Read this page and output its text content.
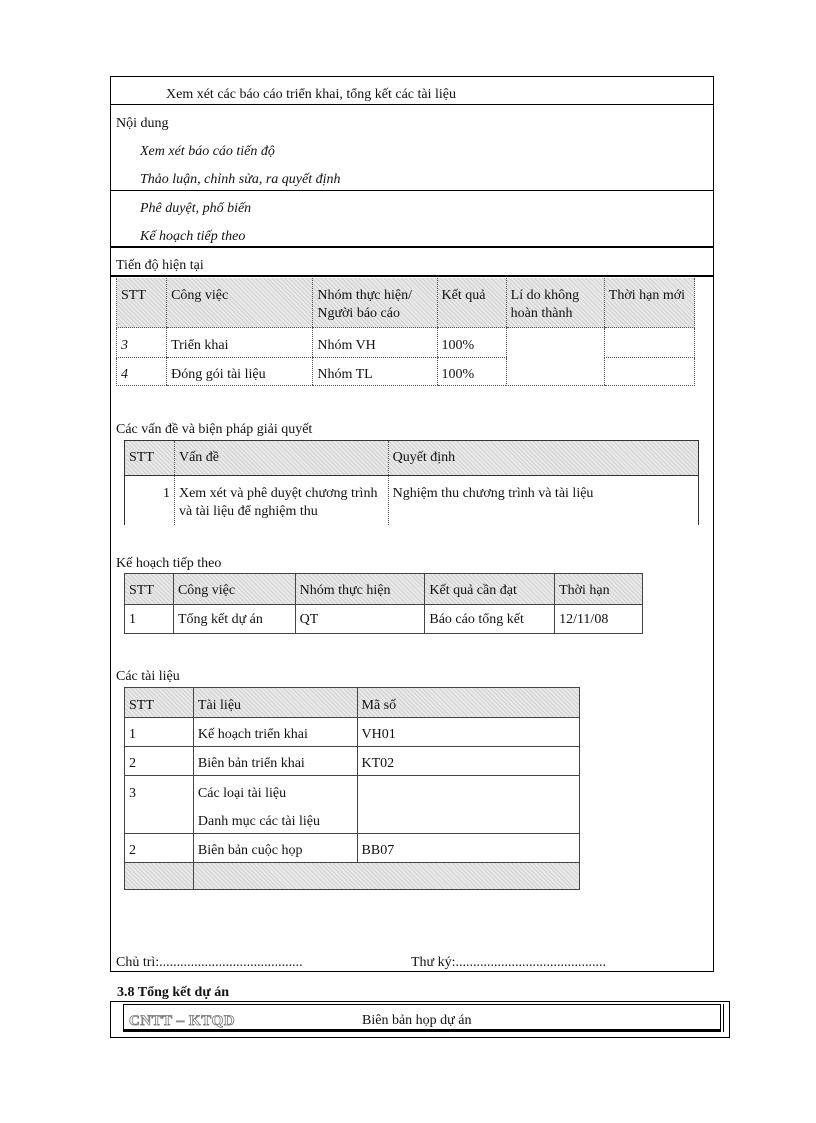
Xem xét các báo cáo triển khai, tổng kết các tài liệu
Nội dung
Xem xét báo cáo tiến độ
Thảo luận, chỉnh sửa, ra quyết định
Phê duyệt, phổ biến
Kế hoạch tiếp theo
Tiến độ hiện tại
STT	Công việc	Nhóm thực hiện/ Người báo cáo	Kết quả	Lí do không hoàn thành	Thời hạn mới
3	Triển khai	Nhóm VH	100%		
4	Đóng gói tài liệu	Nhóm TL	100%		
Các vấn đề và biện pháp giải quyết
STT	Vấn đề	Quyết định
1	Xem xét và phê duyệt chương trình và tài liệu để nghiệm thu	Nghiệm thu chương trình và tài liệu
Kế hoạch tiếp theo
STT	Công việc	Nhóm thực hiện	Kết quả cần đạt	Thời hạn
1	Tổng kết dự án	QT	Báo cáo tổng kết	12/11/08
Các tài liệu
STT	Tài liệu	Mã số
1	Kế hoạch triển khai	VH01
2	Biên bản triển khai	KT02
3	Các loại tài liệu
Danh mục các tài liệu	

2	Biên bản cuộc họp	BB07

Chủ trì:.........................................	Thư ký:...........................................
3.8 Tổng kết dự án
CNTT – KTQD	Biên bản họp dự án
